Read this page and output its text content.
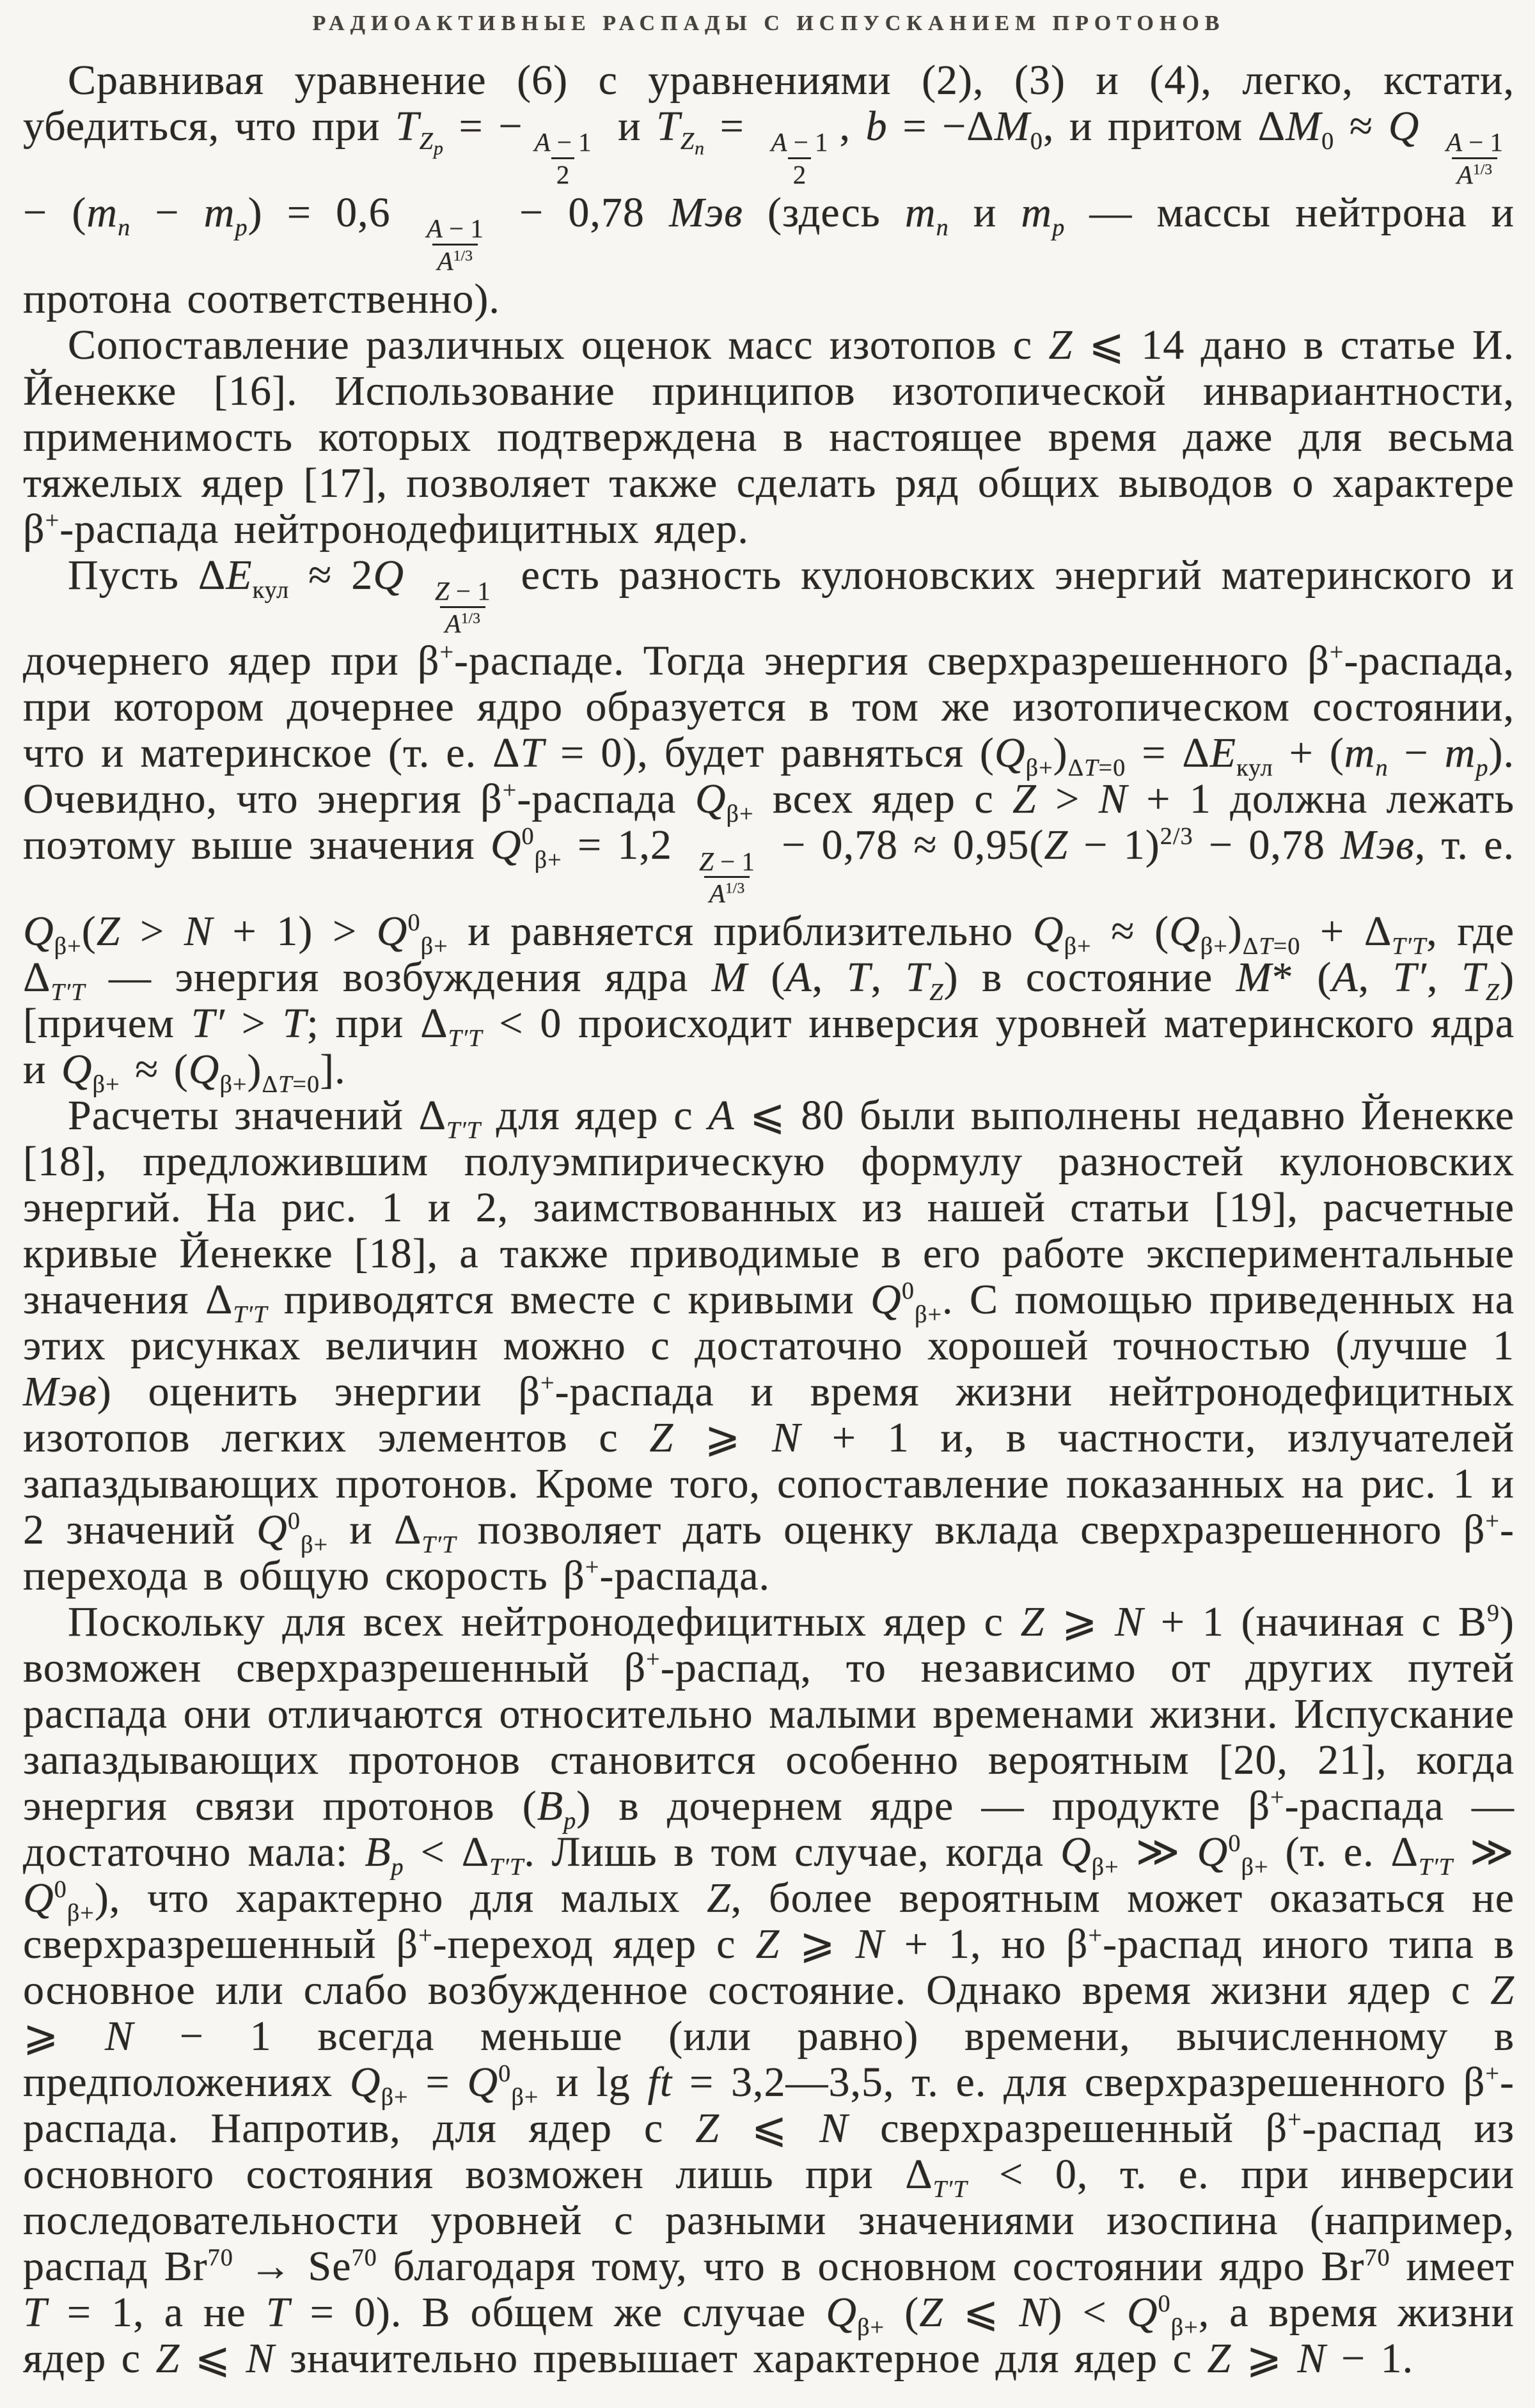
РАДИОАКТИВНЫЕ РАСПАДЫ С ИСПУСКАНИЕМ ПРОТОНОВ

Сравнивая уравнение (6) с уравнениями (2), (3) и (4), легко, кстати, убедиться, что при $T_{Z_p}$ = −
$\frac{A - 1}{2}$
и $T_{Z_n}$ =
$\frac{A - 1}{2}$
, $b = -\Delta M_0$, и притом $\Delta M_0 \approx Q$
$\frac{A - 1}{A^{1/3}}$
− $(m_n - m_p) = 0,6$
$\frac{A - 1}{A^{1/3}}$
− 0,78 Мэв (здесь $m_n$ и $m_p$ — массы нейтрона и протона соответственно).

Сопоставление различных оценок масс изотопов с Z ⩽ 14 дано в статье И. Йенекке [16]. Использование принципов изотопической инвариантности, применимость которых подтверждена в настоящее время даже для весьма тяжелых ядер [17], позволяет также сделать ряд общих выводов о характере β+-распада нейтронодефицитных ядер.

Пусть $\Delta E_{кул} \approx 2Q$
$\frac{Z - 1}{A^{1/3}}$
есть разность кулоновских энергий материнского и дочернего ядер при β+-распаде. Тогда энергия сверхразрешенного β+-распада, при котором дочернее ядро образуется в том же изотопическом состоянии, что и материнское (т. е. ΔT = 0), будет равняться $(Q_{\beta+})_{\Delta T=0} = \Delta E_{кул} + (m_n - m_p)$. Очевидно, что энергия β+-распада $Q_{\beta+}$ всех ядер с Z > N + 1 должна лежать поэтому выше значения $Q^0_{\beta+} = 1,2$
$\frac{Z - 1}{A^{1/3}}$
− $0,78 \approx 0,95(Z - 1)^{2/3} - 0,78$ Мэв, т. е. $Q_{\beta+}(Z > N + 1) > Q^0_{\beta+}$ и равняется приблизительно $Q_{\beta+} \approx (Q_{\beta+})_{\Delta T=0} + \Delta_{T'T}$, где $\Delta_{T'T}$ — энергия возбуждения ядра M (A, T, $T_Z$) в состояние M* (A, T′, $T_Z$) [причем T′ > T; при $\Delta_{T'T} < 0$ происходит инверсия уровней материнского ядра и $Q_{\beta+} \approx (Q_{\beta+})_{\Delta T=0}$].

Расчеты значений $\Delta_{T'T}$ для ядер с A ⩽ 80 были выполнены недавно Йенекке [18], предложившим полуэмпирическую формулу разностей кулоновских энергий. На рис. 1 и 2, заимствованных из нашей статьи [19], расчетные кривые Йенекке [18], а также приводимые в его работе экспериментальные значения $\Delta_{T'T}$ приводятся вместе с кривыми $Q^0_{\beta+}$. С помощью приведенных на этих рисунках величин можно с достаточно хорошей точностью (лучше 1 Мэв) оценить энергии β+-распада и время жизни нейтронодефицитных изотопов легких элементов с Z ⩾ N + 1 и, в частности, излучателей запаздывающих протонов. Кроме того, сопоставление показанных на рис. 1 и 2 значений $Q^0_{\beta+}$ и $\Delta_{T'T}$ позволяет дать оценку вклада сверхразрешенного β+-перехода в общую скорость β+-распада.

Поскольку для всех нейтронодефицитных ядер с Z ⩾ N + 1 (начиная с $B^9$) возможен сверхразрешенный β+-распад, то независимо от других путей распада они отличаются относительно малыми временами жизни. Испускание запаздывающих протонов становится особенно вероятным [20, 21], когда энергия связи протонов $(B_p)$ в дочернем ядре — продукте β+-распада — достаточно мала: $B_p < \Delta_{T'T}$. Лишь в том случае, когда $Q_{\beta+}$ ≫ $Q^0_{\beta+}$ (т. е. $\Delta_{T'T}$ ≫ $Q^0_{\beta+}$), что характерно для малых Z, более вероятным может оказаться не сверхразрешенный β+-переход ядер с Z ⩾ N + 1, но β+-распад иного типа в основное или слабо возбужденное состояние. Однако время жизни ядер с Z ⩾ N − 1 всегда меньше (или равно) времени, вычисленному в предположениях $Q_{\beta+} = Q^0_{\beta+}$ и lg ft = 3,2—3,5, т. е. для сверхразрешенного β+-распада. Напротив, для ядер с Z ⩽ N сверхразрешенный β+-распад из основного состояния возможен лишь при $\Delta_{T'T} < 0$, т. е. при инверсии последовательности уровней с разными значениями изоспина (например, распад $Br^{70} \to Se^{70}$ благодаря тому, что в основном состоянии ядро Br$^{70}$ имеет T = 1, а не T = 0). В общем же случае $Q_{\beta+}$ (Z ⩽ $N) < Q^0_{\beta+}$, а время жизни ядер с Z ⩽ N значительно превышает характерное для ядер с Z ⩾ N − 1.
